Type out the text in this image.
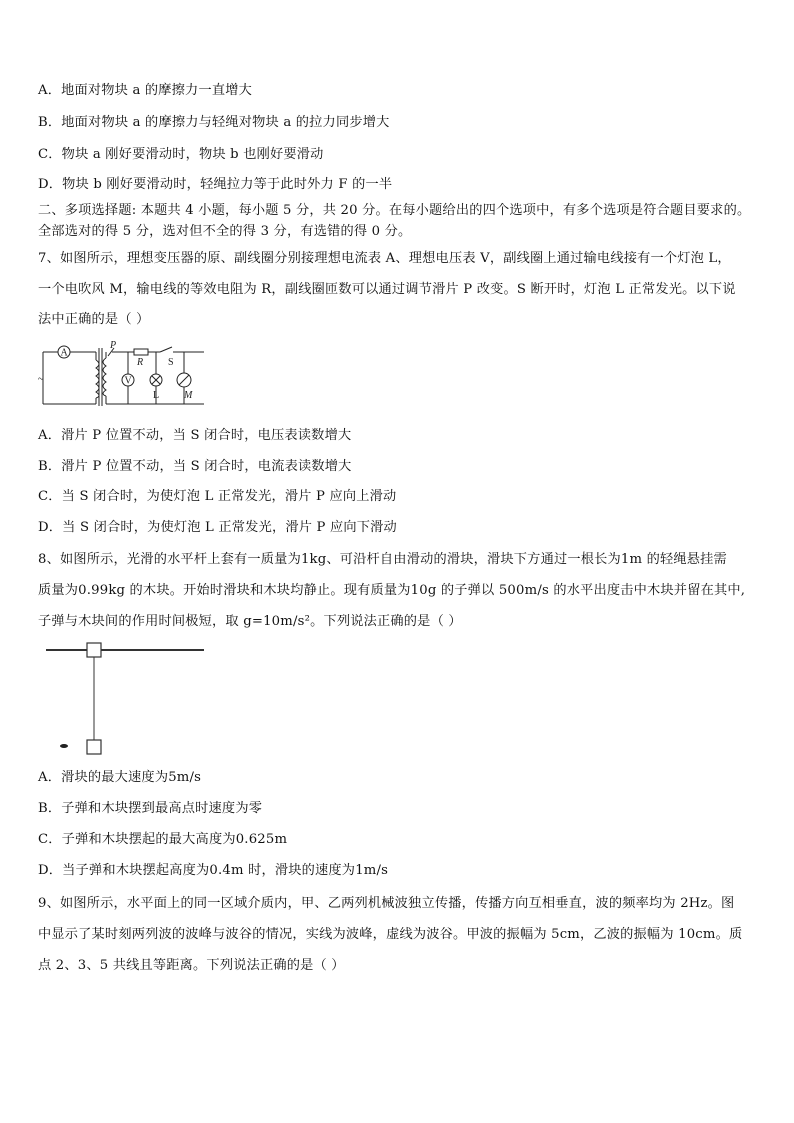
A．地面对物块 a 的摩擦力一直增大
B．地面对物块 a 的摩擦力与轻绳对物块 a 的拉力同步增大
C．物块 a 刚好要滑动时，物块 b 也刚好要滑动
D．物块 b 刚好要滑动时，轻绳拉力等于此时外力 F 的一半
二、多项选择题: 本题共 4 小题，每小题 5 分，共 20 分。在每小题给出的四个选项中，有多个选项是符合题目要求的。
全部选对的得 5 分，选对但不全的得 3 分，有选错的得 0 分。
7、如图所示，理想变压器的原、副线圈分别接理想电流表 A、理想电压表 V，副线圈上通过输电线接有一个灯泡 L，
一个电吹风 M，输电线的等效电阻为 R，副线圈匝数可以通过调节滑片 P 改变。S 断开时，灯泡 L 正常发光。以下说
法中正确的是（ ）
A
V
P
R S
L M
~
A．滑片 P 位置不动，当 S 闭合时，电压表读数增大
B．滑片 P 位置不动，当 S 闭合时，电流表读数增大
C．当 S 闭合时，为使灯泡 L 正常发光，滑片 P 应向上滑动
D．当 S 闭合时，为使灯泡 L 正常发光，滑片 P 应向下滑动
8、如图所示，光滑的水平杆上套有一质量为1kg、可沿杆自由滑动的滑块，滑块下方通过一根长为1m 的轻绳悬挂需
质量为0.99kg 的木块。开始时滑块和木块均静止。现有质量为10g 的子弹以 500m/s 的水平出度击中木块并留在其中,
子弹与木块间的作用时间极短，取 g=10m/s²。下列说法正确的是（ ）
A．滑块的最大速度为5m/s
B．子弹和木块摆到最高点时速度为零
C．子弹和木块摆起的最大高度为0.625m
D．当子弹和木块摆起高度为0.4m 时，滑块的速度为1m/s
9、如图所示，水平面上的同一区域介质内，甲、乙两列机械波独立传播，传播方向互相垂直，波的频率均为 2Hz。图
中显示了某时刻两列波的波峰与波谷的情况，实线为波峰，虚线为波谷。甲波的振幅为 5cm，乙波的振幅为 10cm。质
点 2、3、5 共线且等距离。下列说法正确的是（ ）
